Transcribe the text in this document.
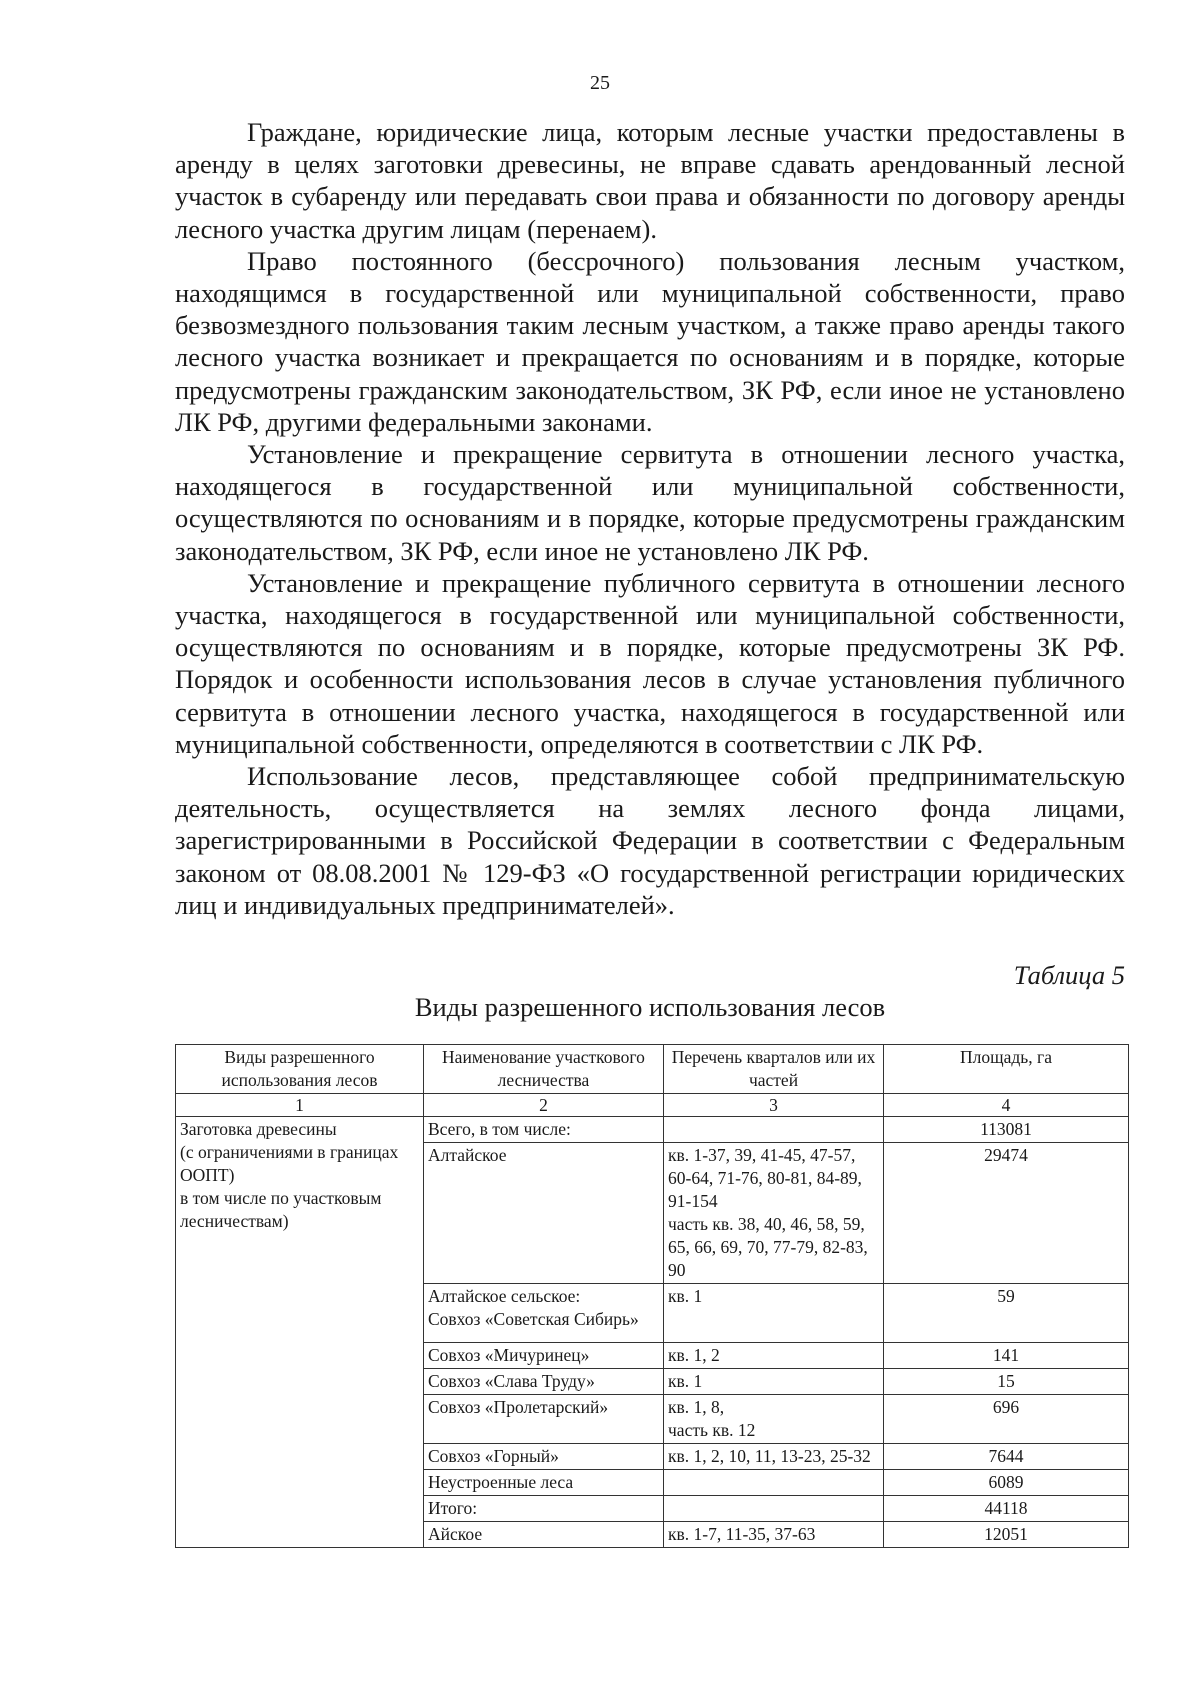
25

Граждане, юридические лица, которым лесные участки предоставлены в аренду в целях заготовки древесины, не вправе сдавать арендованный лесной участок в субаренду или передавать свои права и обязанности по договору аренды лесного участка другим лицам (перенаем).

Право постоянного (бессрочного) пользования лесным участком, находящимся в государственной или муниципальной собственности, право безвозмездного пользования таким лесным участком, а также право аренды такого лесного участка возникает и прекращается по основаниям и в порядке, которые предусмотрены гражданским законодательством, ЗК РФ, если иное не установлено ЛК РФ, другими федеральными законами.

Установление и прекращение сервитута в отношении лесного участка, находящегося в государственной или муниципальной собственности, осуществляются по основаниям и в порядке, которые предусмотрены гражданским законодательством, ЗК РФ, если иное не установлено ЛК РФ.

Установление и прекращение публичного сервитута в отношении лесного участка, находящегося в государственной или муниципальной собственности, осуществляются по основаниям и в порядке, которые предусмотрены ЗК РФ. Порядок и особенности использования лесов в случае установления публичного сервитута в отношении лесного участка, находящегося в государственной или муниципальной собственности, определяются в соответствии с ЛК РФ.

Использование лесов, представляющее собой предпринимательскую деятельность, осуществляется на землях лесного фонда лицами, зарегистрированными в Российской Федерации в соответствии с Федеральным законом от 08.08.2001 № 129-ФЗ «О государственной регистрации юридических лиц и индивидуальных предпринимателей».

Таблица 5
Виды разрешенного использования лесов
Виды разрешенного использования лесов	Наименование участкового лесничества	Перечень кварталов или их частей	Площадь, га
1	2	3	4

Заготовка древесины
(с ограничениями в границах ООПТ)
в том числе по участковым лесничествам)	Всего, в том числе:		113081
	Алтайское	кв. 1-37, 39, 41-45, 47-57, 60-64, 71-76, 80-81, 84-89, 91-154
часть кв. 38, 40, 46, 58, 59, 65, 66, 69, 70, 77-79, 82-83, 90	29474

	Алтайское сельское:
Совхоз «Советская Сибирь»	кв. 1	59
	Совхоз «Мичуринец»	кв. 1, 2	141
	Совхоз «Слава Труду»	кв. 1	15
	Совхоз «Пролетарский»	кв. 1, 8,
часть кв. 12	696
	Совхоз «Горный»	кв. 1, 2, 10, 11, 13-23, 25-32	7644
	Неустроенные леса		6089
	Итого:		44118
	Айское	кв. 1-7, 11-35, 37-63	12051
